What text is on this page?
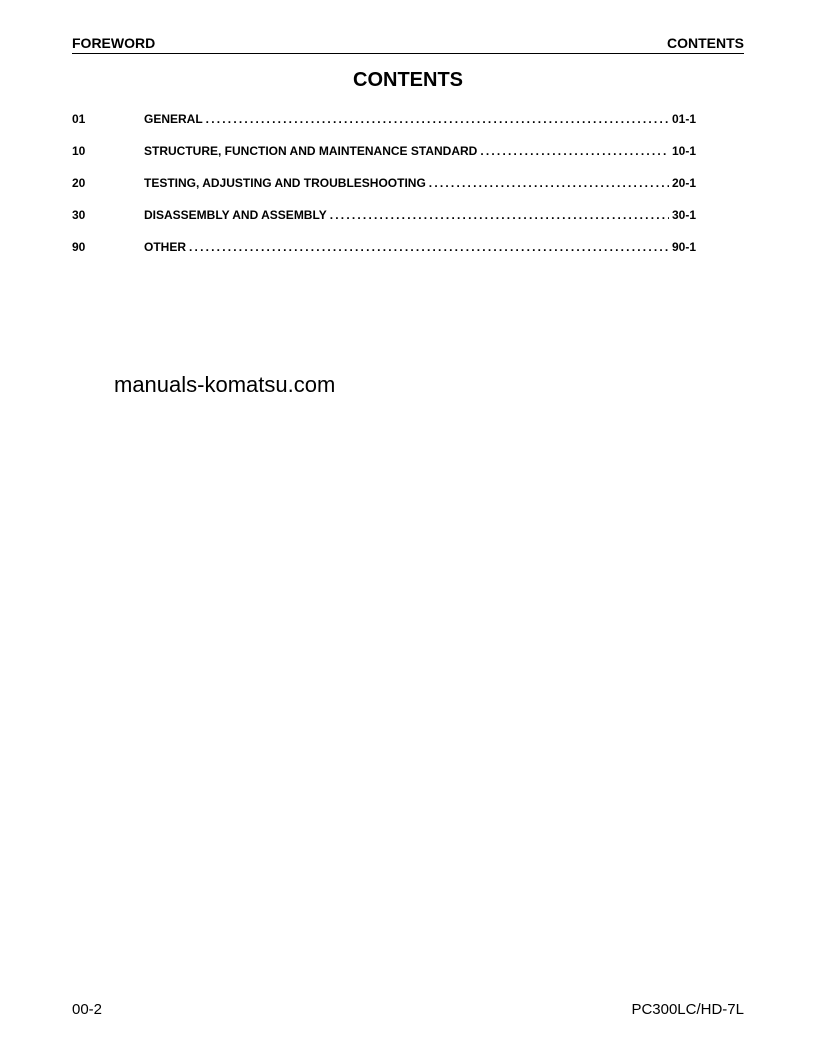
FOREWORD	CONTENTS
CONTENTS
01	GENERAL .....	01-1
10	STRUCTURE, FUNCTION AND MAINTENANCE STANDARD .....	10-1
20	TESTING, ADJUSTING AND TROUBLESHOOTING .....	20-1
30	DISASSEMBLY AND ASSEMBLY .....	30-1
90	OTHER .....	90-1
manuals-komatsu.com
00-2	PC300LC/HD-7L
